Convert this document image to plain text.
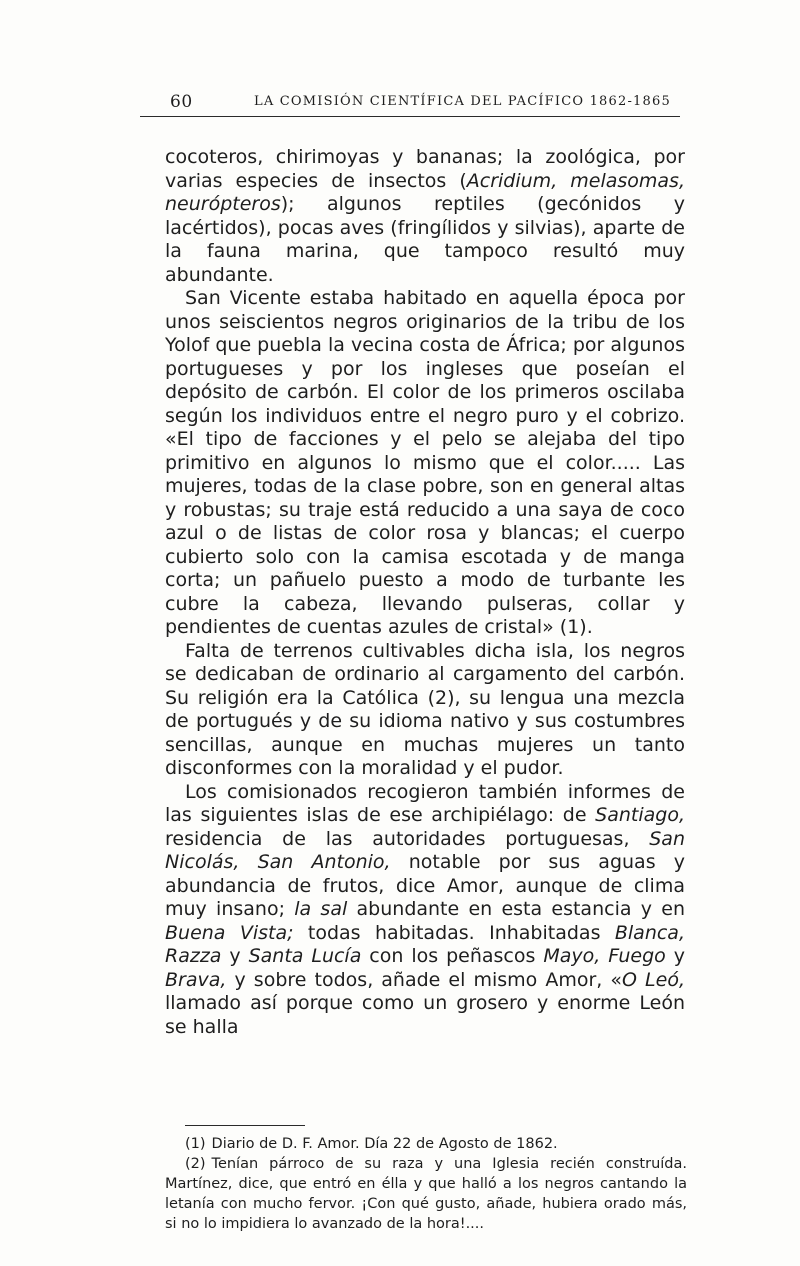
60	LA COMISIÓN CIENTÍFICA DEL PACÍFICO 1862-1865

cocoteros, chirimoyas y bananas; la zoológica, por varias especies de insectos (Acridium, melasomas, neurópteros); algunos reptiles (gecónidos y lacértidos), pocas aves (fringílidos y silvias), aparte de la fauna marina, que tampoco resultó muy abundante.

San Vicente estaba habitado en aquella época por unos seiscientos negros originarios de la tribu de los Yolof que puebla la vecina costa de África; por algunos portugueses y por los ingleses que poseían el depósito de carbón. El color de los primeros oscilaba según los individuos entre el negro puro y el cobrizo. «El tipo de facciones y el pelo se alejaba del tipo primitivo en algunos lo mismo que el color..... Las mujeres, todas de la clase pobre, son en general altas y robustas; su traje está reducido a una saya de coco azul o de listas de color rosa y blancas; el cuerpo cubierto solo con la camisa escotada y de manga corta; un pañuelo puesto a modo de turbante les cubre la cabeza, llevando pulseras, collar y pendientes de cuentas azules de cristal» (1).

Falta de terrenos cultivables dicha isla, los negros se dedicaban de ordinario al cargamento del carbón. Su religión era la Católica (2), su lengua una mezcla de portugués y de su idioma nativo y sus costumbres sencillas, aunque en muchas mujeres un tanto disconformes con la moralidad y el pudor.

Los comisionados recogieron también informes de las siguientes islas de ese archipiélago: de Santiago, residencia de las autoridades portuguesas, San Nicolás, San Antonio, notable por sus aguas y abundancia de frutos, dice Amor, aunque de clima muy insano; la sal abundante en esta estancia y en Buena Vista; todas habitadas. Inhabitadas Blanca, Razza y Santa Lucía con los peñascos Mayo, Fuego y Brava, y sobre todos, añade el mismo Amor, «O Leó, llamado así porque como un grosero y enorme León se halla

(1) Diario de D. F. Amor. Día 22 de Agosto de 1862.

(2) Tenían párroco de su raza y una Iglesia recién construída. Martínez, dice, que entró en élla y que halló a los negros cantando la letanía con mucho fervor. ¡Con qué gusto, añade, hubiera orado más, si no lo impidiera lo avanzado de la hora!....
